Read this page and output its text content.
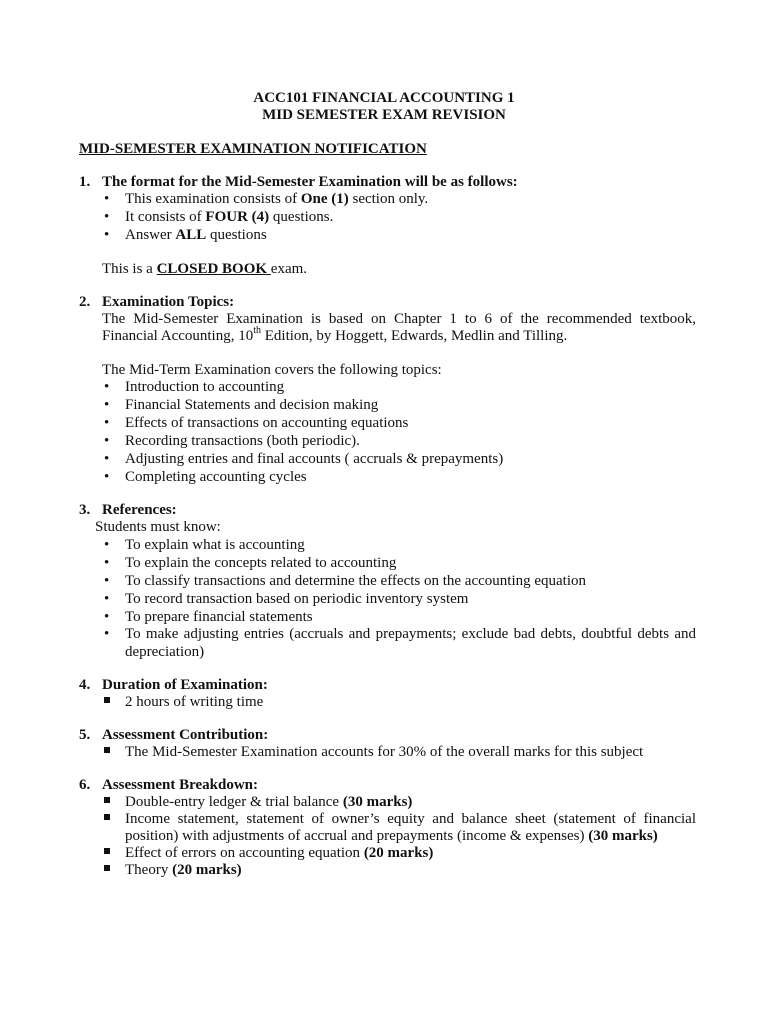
ACC101 FINANCIAL ACCOUNTING 1
MID SEMESTER EXAM REVISION
MID-SEMESTER EXAMINATION NOTIFICATION
1. The format for the Mid-Semester Examination will be as follows:
• This examination consists of One (1) section only.
• It consists of FOUR (4) questions.
• Answer ALL questions
This is a CLOSED BOOK exam.
2. Examination Topics:
The Mid-Semester Examination is based on Chapter 1 to 6 of the recommended textbook,
Financial Accounting, 10th Edition, by Hoggett, Edwards, Medlin and Tilling.
The Mid-Term Examination covers the following topics:
• Introduction to accounting
• Financial Statements and decision making
• Effects of transactions on accounting equations
• Recording transactions (both periodic).
• Adjusting entries and final accounts ( accruals & prepayments)
• Completing accounting cycles
3. References:
Students must know:
• To explain what is accounting
• To explain the concepts related to accounting
• To classify transactions and determine the effects on the accounting equation
• To record transaction based on periodic inventory system
• To prepare financial statements
• To make adjusting entries (accruals and prepayments; exclude bad debts, doubtful debts and
depreciation)
4. Duration of Examination:
2 hours of writing time
5. Assessment Contribution:
The Mid-Semester Examination accounts for 30% of the overall marks for this subject
6. Assessment Breakdown:
Double-entry ledger & trial balance (30 marks)
Income statement, statement of owner’s equity and balance sheet (statement of financial
position) with adjustments of accrual and prepayments (income & expenses) (30 marks)
Effect of errors on accounting equation (20 marks)
Theory (20 marks)
